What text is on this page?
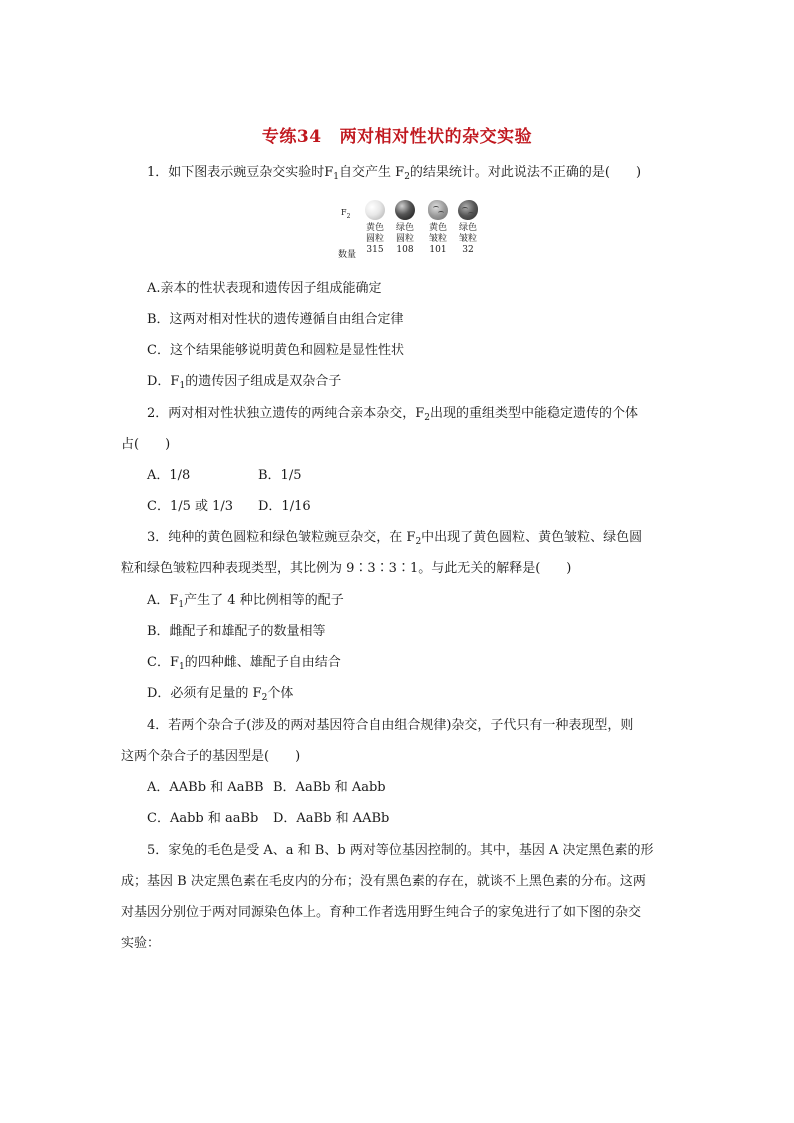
专练34 两对相对性状的杂交实验
1．如下图表示豌豆杂交实验时$F_1$自交产生 $F_2$的结果统计。对此说法不正确的是(　　)
$F_2$
黄色
圆粒
315
绿色
圆粒
108
黄色
皱粒
101
绿色
皱粒
32
数量
A.亲本的性状表现和遗传因子组成能确定
B．这两对相对性状的遗传遵循自由组合定律
C．这个结果能够说明黄色和圆粒是显性性状
D．$F_1$的遗传因子组成是双杂合子
2．两对相对性状独立遗传的两纯合亲本杂交，$F_2$出现的重组类型中能稳定遗传的个体
占(　　)
A．1/8	B．1/5
C．1/5 或 1/3 D．1/16
3．纯种的黄色圆粒和绿色皱粒豌豆杂交，在 $F_2$中出现了黄色圆粒、黄色皱粒、绿色圆
粒和绿色皱粒四种表现类型，其比例为 9∶3∶3∶1。与此无关的解释是(　　)
A．$F_1$产生了 4 种比例相等的配子
B．雌配子和雄配子的数量相等
C．$F_1$的四种雌、雄配子自由结合
D．必须有足量的 $F_2$个体
4．若两个杂合子(涉及的两对基因符合自由组合规律)杂交，子代只有一种表现型，则
这两个杂合子的基因型是(　　)
A．AABb 和 AaBB B．AaBb 和 Aabb
C．Aabb 和 aaBb D．AaBb 和 AABb
5．家兔的毛色是受 A、a 和 B、b 两对等位基因控制的。其中，基因 A 决定黑色素的形
成；基因 B 决定黑色素在毛皮内的分布；没有黑色素的存在，就谈不上黑色素的分布。这两
对基因分别位于两对同源染色体上。育种工作者选用野生纯合子的家兔进行了如下图的杂交
实验：
